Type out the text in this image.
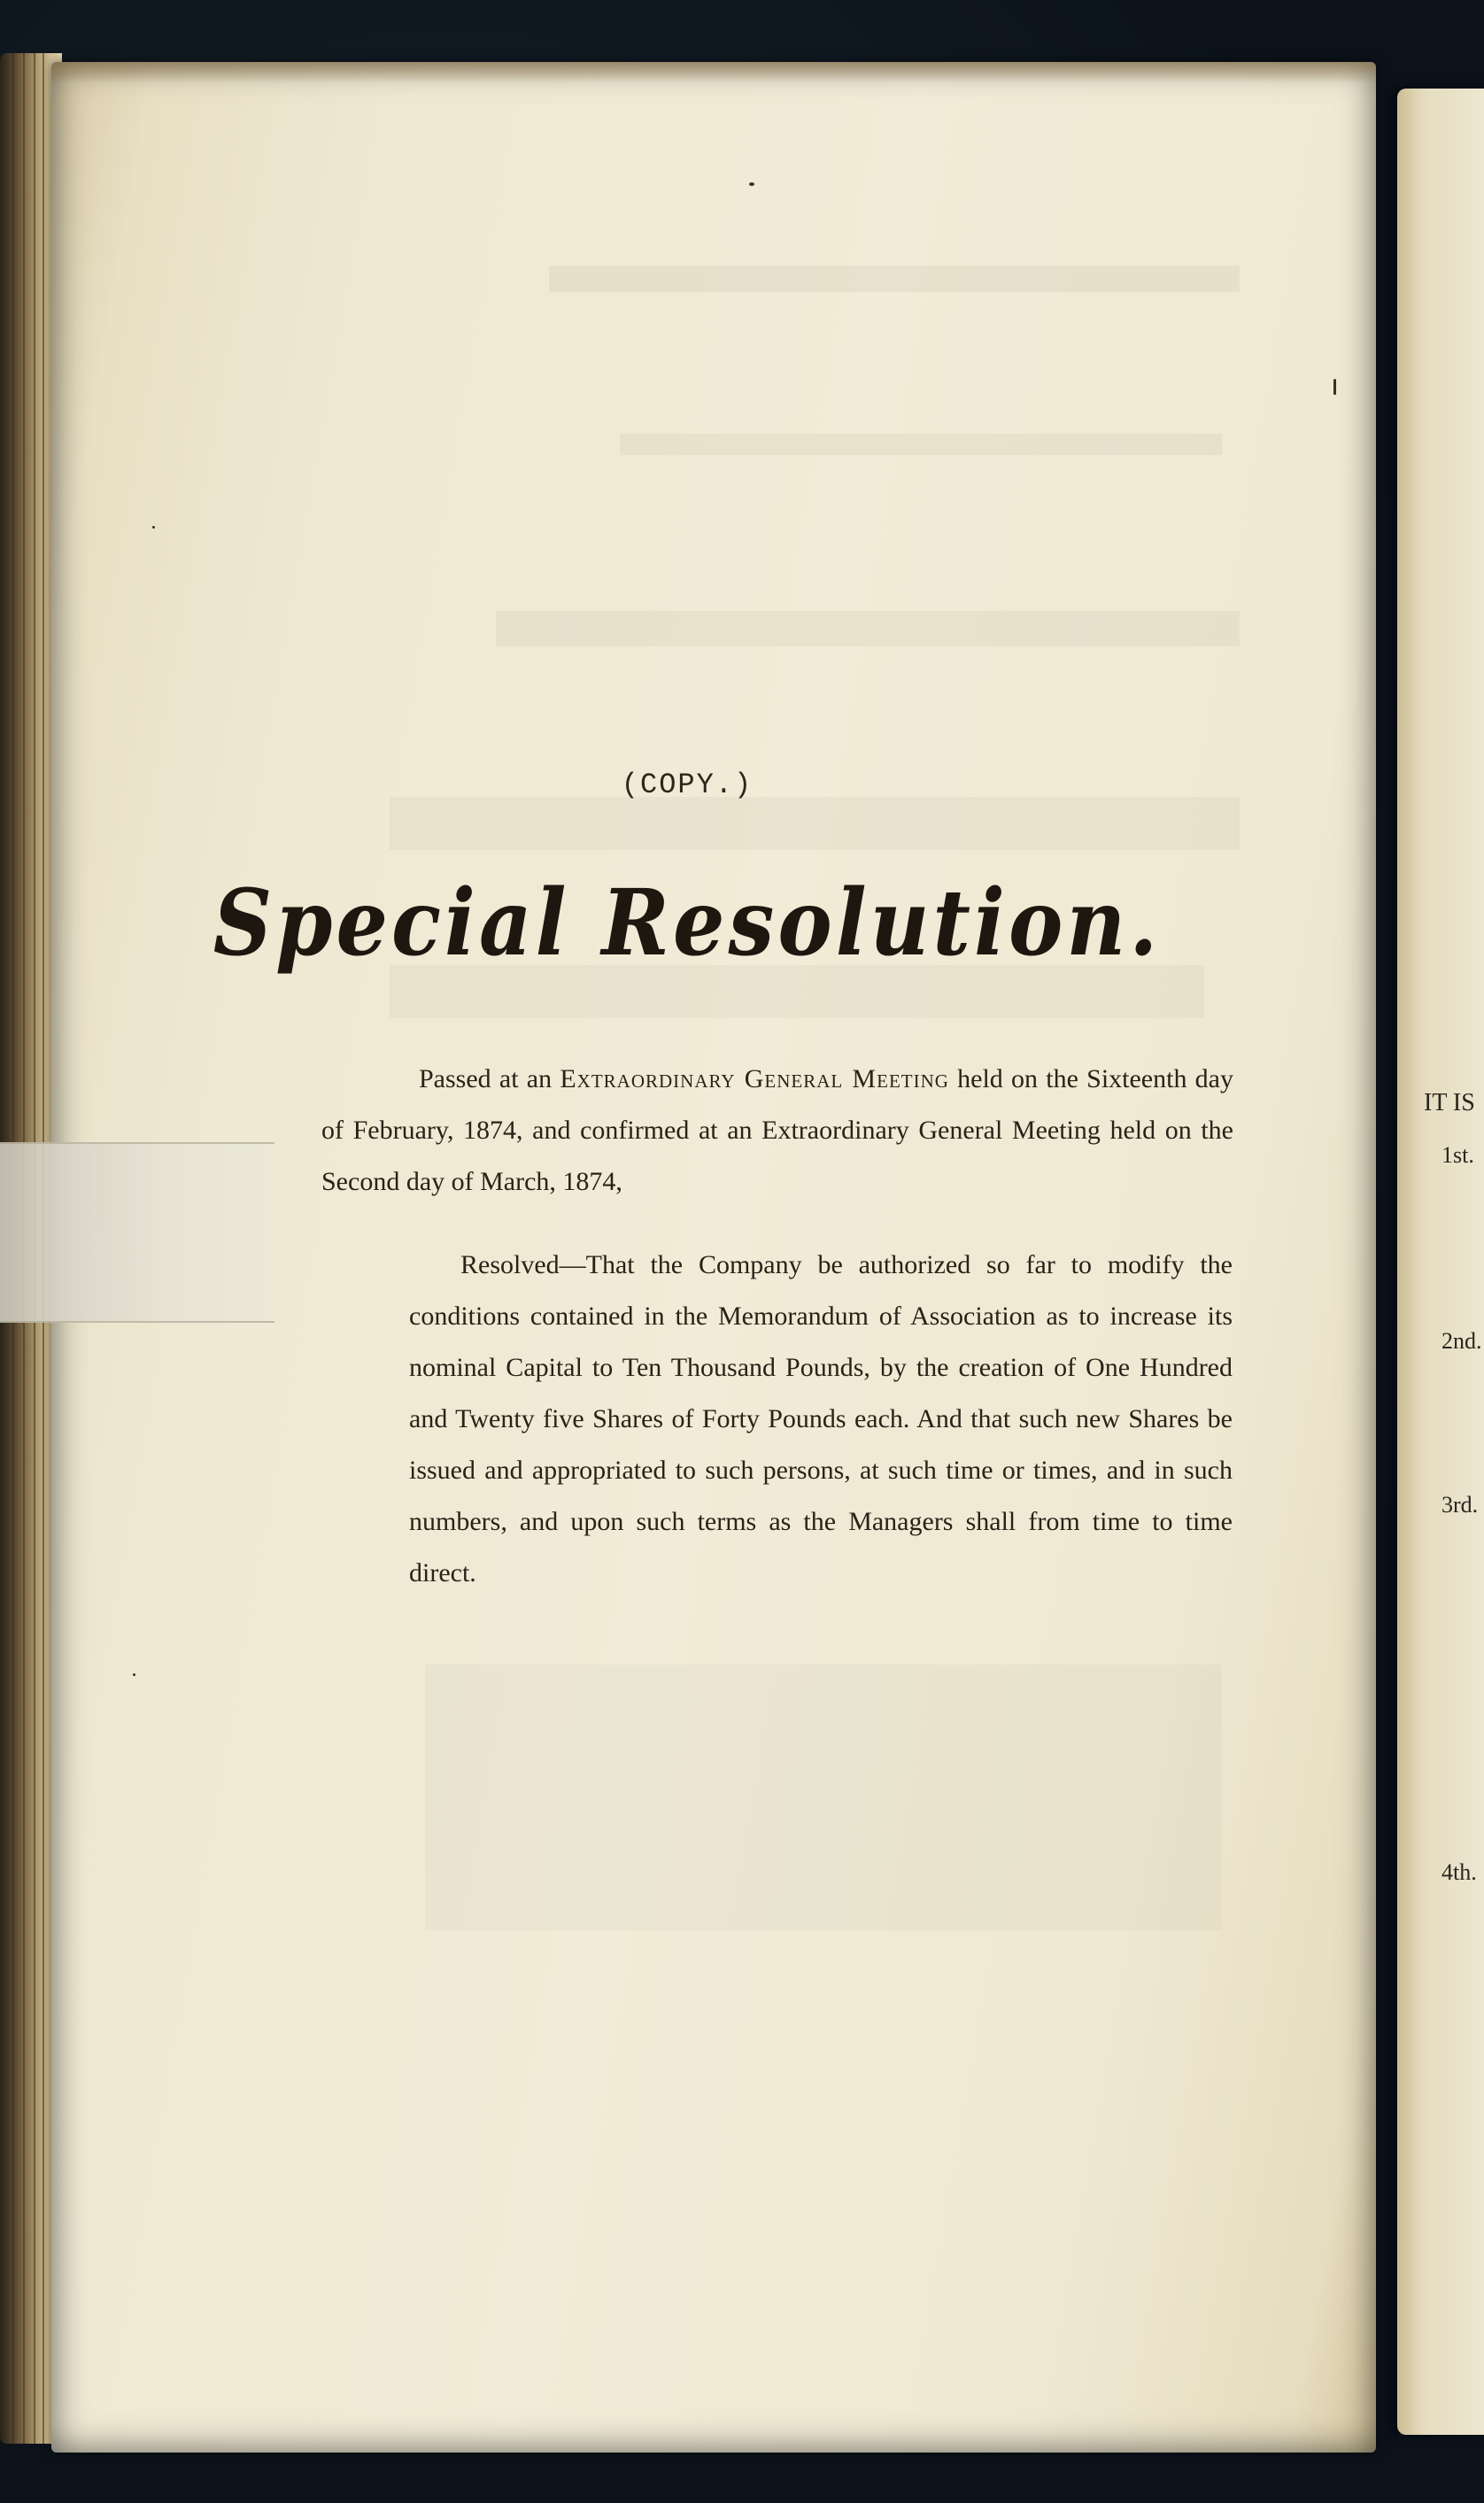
(COPY.)
Special Resolution.
Passed at an Extraordinary General Meeting held on the Sixteenth day of February, 1874, and confirmed at an Extraordinary General Meeting held on the Second day of March, 1874,
Resolved—That the Company be authorized so far to modify the conditions contained in the Memorandum of Association as to increase its nominal Capital to Ten Thousand Pounds, by the creation of One Hundred and Twenty five Shares of Forty Pounds each. And that such new Shares be issued and appropriated to such persons, at such time or times, and in such numbers, and upon such terms as the Managers shall from time to time direct.
IT IS
1st.
2nd.
3rd.
4th.
